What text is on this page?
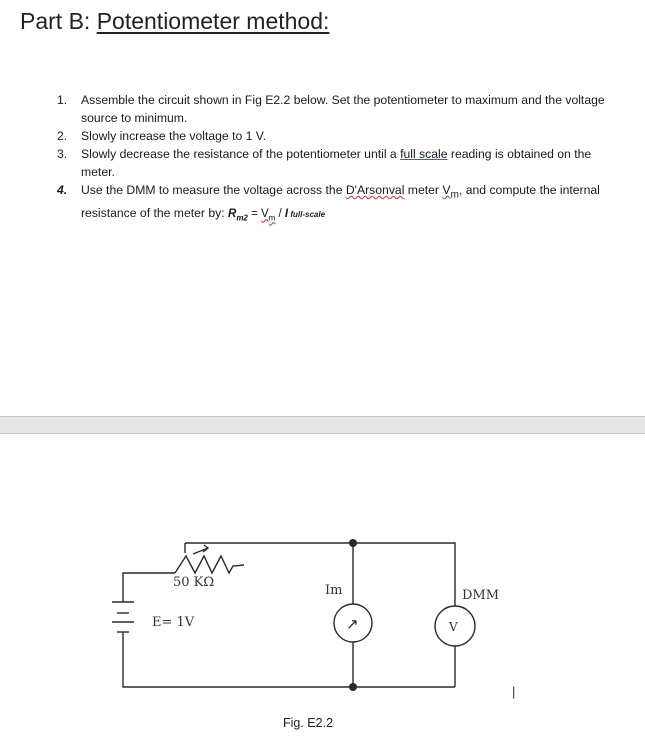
Part B: Potentiometer method:
1. Assemble the circuit shown in Fig E2.2 below. Set the potentiometer to maximum and the voltage source to minimum.
2. Slowly increase the voltage to 1 V.
3. Slowly decrease the resistance of the potentiometer until a full scale reading is obtained on the meter.
4. Use the DMM to measure the voltage across the D'Arsonval meter $V_m$, and compute the internal resistance of the meter by: $R_{m2} = V_m / I$ full-scale
50 KΩ
E= 1V
Im
↗
DMM
V
|
Fig. E2.2
